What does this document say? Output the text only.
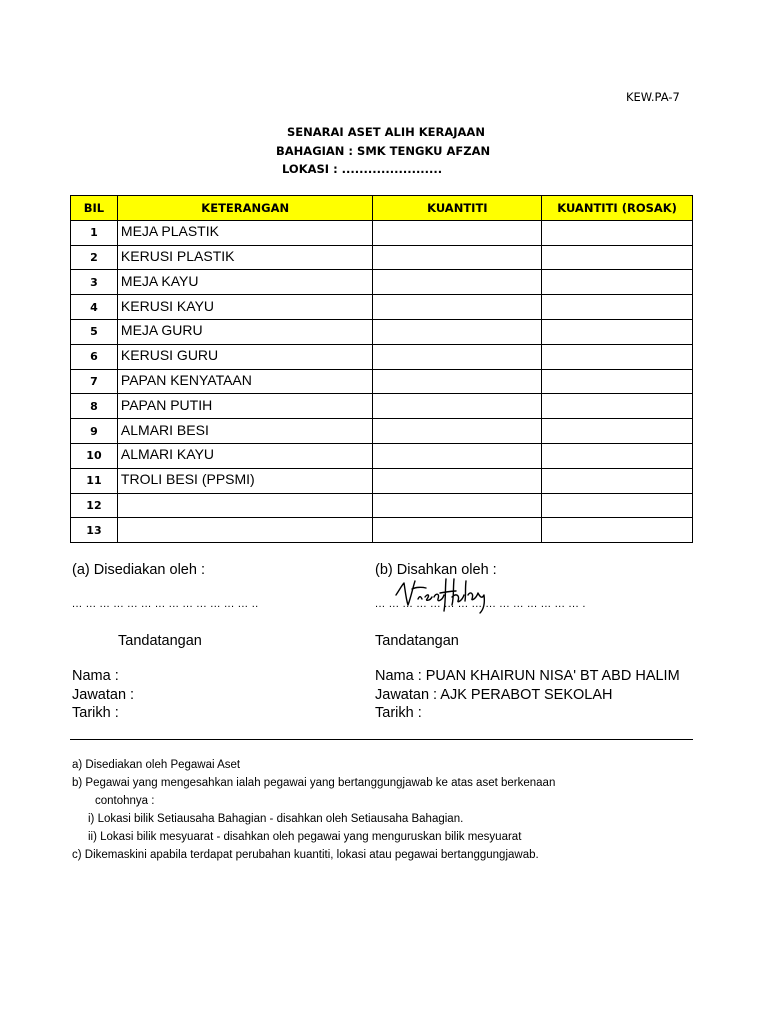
KEW.PA-7
SENARAI ASET ALIH KERAJAAN
BAHAGIAN : SMK TENGKU AFZAN
LOKASI : .......................
BIL	KETERANGAN	KUANTITI	KUANTITI (ROSAK)
1	MEJA PLASTIK		
2	KERUSI PLASTIK		
3	MEJA KAYU		
4	KERUSI KAYU		
5	MEJA GURU		
6	KERUSI GURU		
7	PAPAN KENYATAAN		
8	PAPAN PUTIH		
9	ALMARI BESI		
10	ALMARI KAYU		
11	TROLI BESI (PPSMI)		
12			
13			
(a) Disediakan oleh :	(b) Disahkan oleh :
... ... ... ... ... ... ... ... ... ... ... ... ... ..	... ... ... ... ... ... ... ... ... ... ... ... ... ... ... .
Tandatangan	Tandatangan
Nama :
Jawatan :
Tarikh :
Nama : PUAN KHAIRUN NISA' BT ABD HALIM
Jawatan : AJK PERABOT SEKOLAH
Tarikh :
a) Disediakan oleh Pegawai Aset
b) Pegawai yang mengesahkan ialah pegawai yang bertanggungjawab ke atas aset berkenaan
contohnya :
i) Lokasi bilik Setiausaha Bahagian - disahkan oleh Setiausaha Bahagian.
ii) Lokasi bilik mesyuarat - disahkan oleh pegawai yang menguruskan bilik mesyuarat
c) Dikemaskini apabila terdapat perubahan kuantiti, lokasi atau pegawai bertanggungjawab.
